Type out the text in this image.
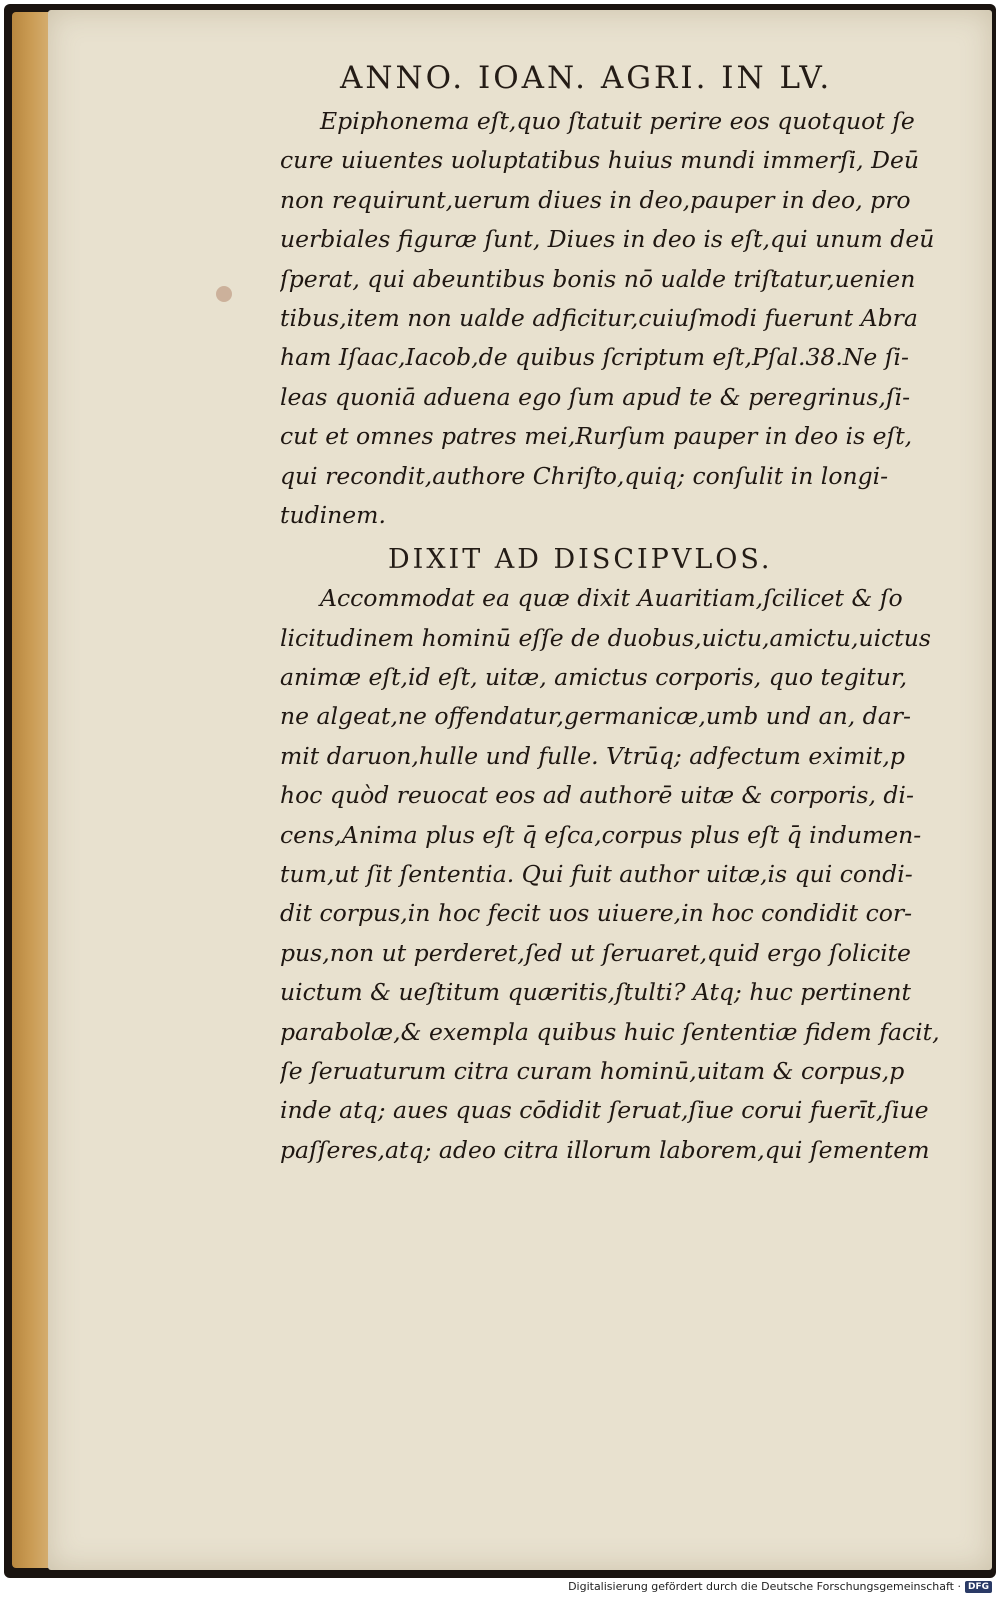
ANNO. IOAN. AGRI. IN LV.
Epiphonema eſt,quo ſtatuit perire eos quotquot ſe
cure uiuentes uoluptatibus huius mundi immerſi, Deū
non requirunt,uerum diues in deo,pauper in deo, pro
uerbiales figuræ ſunt, Diues in deo is eſt,qui unum deū
ſperat, qui abeuntibus bonis nō ualde triſtatur,uenien
tibus,item non ualde adficitur,cuiuſmodi fuerunt Abra
ham Iſaac,Iacob,de quibus ſcriptum eſt,Pſal.38.Ne ſi-
leas quoniā aduena ego ſum apud te & peregrinus,ſi-
cut et omnes patres mei,Rurſum pauper in deo is eſt,
qui recondit,authore Chriſto,quiq; conſulit in longi-
tudinem.
DIXIT AD DISCIPVLOS.
Accommodat ea quæ dixit Auaritiam,ſcilicet & ſo
licitudinem hominū eſſe de duobus,uictu,amictu,uictus
animæ eſt,id eſt, uitæ, amictus corporis, quo tegitur,
ne algeat,ne offendatur,germanicæ,umb und an, dar-
mit daruon,hulle und fulle. Vtrūq; adfectum eximit,p
hoc quòd reuocat eos ad authorē uitæ & corporis, di-
cens,Anima plus eſt q̄ eſca,corpus plus eſt q̄ indumen-
tum,ut ſit ſententia. Qui fuit author uitæ,is qui condi-
dit corpus,in hoc fecit uos uiuere,in hoc condidit cor-
pus,non ut perderet,ſed ut ſeruaret,quid ergo ſolicite
uictum & ueſtitum quæritis,ſtulti? Atq; huc pertinent
parabolæ,& exempla quibus huic ſententiæ fidem facit,
ſe ſeruaturum citra curam hominū,uitam & corpus,p
inde atq; aues quas cōdidit ſeruat,ſiue corui fuerīt,ſiue
paſſeres,atq; adeo citra illorum laborem,qui ſementem
Digitalisierung gefördert durch die Deutsche Forschungsgemeinschaft · DFG
